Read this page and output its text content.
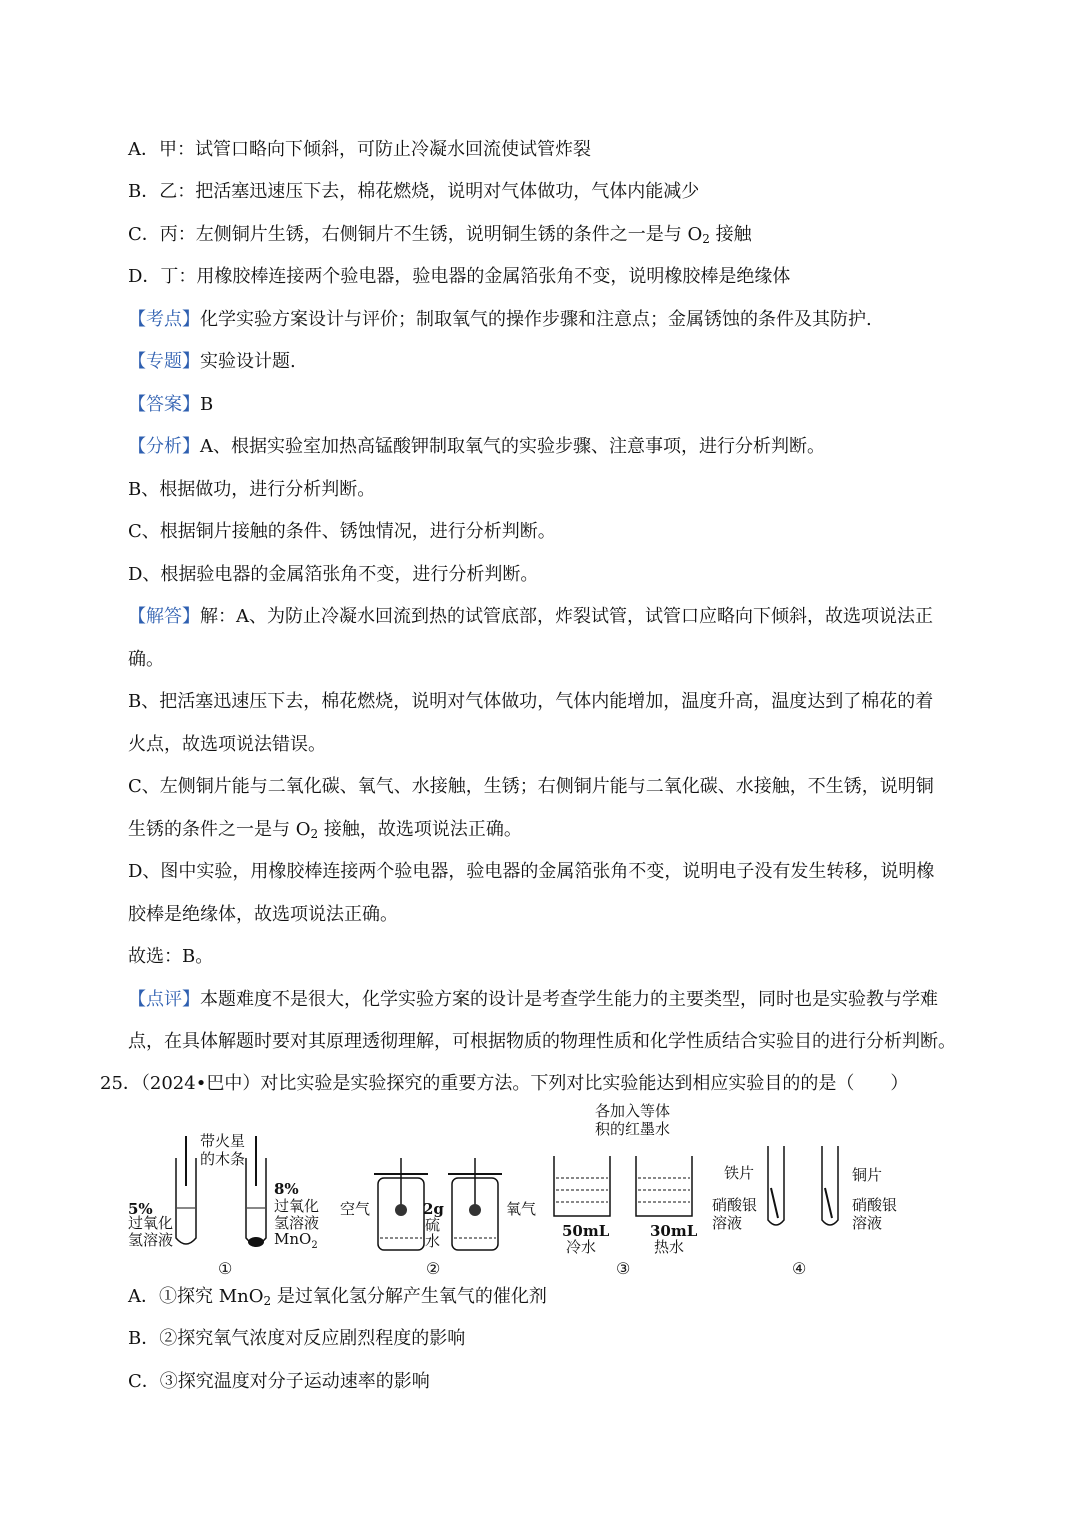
A．甲：试管口略向下倾斜，可防止冷凝水回流使试管炸裂
B．乙：把活塞迅速压下去，棉花燃烧，说明对气体做功，气体内能减少
C．丙：左侧铜片生锈，右侧铜片不生锈，说明铜生锈的条件之一是与 $O_2$ 接触
D．丁：用橡胶棒连接两个验电器，验电器的金属箔张角不变，说明橡胶棒是绝缘体
【考点】化学实验方案设计与评价；制取氧气的操作步骤和注意点；金属锈蚀的条件及其防护.
【专题】实验设计题.
【答案】B
【分析】A、根据实验室加热高锰酸钾制取氧气的实验步骤、注意事项，进行分析判断。
B、根据做功，进行分析判断。
C、根据铜片接触的条件、锈蚀情况，进行分析判断。
D、根据验电器的金属箔张角不变，进行分析判断。
【解答】解：A、为防止冷凝水回流到热的试管底部，炸裂试管，试管口应略向下倾斜，故选项说法正
确。
B、把活塞迅速压下去，棉花燃烧，说明对气体做功，气体内能增加，温度升高，温度达到了棉花的着
火点，故选项说法错误。
C、左侧铜片能与二氧化碳、氧气、水接触，生锈；右侧铜片能与二氧化碳、水接触，不生锈，说明铜
生锈的条件之一是与 $O_2$ 接触，故选项说法正确。
D、图中实验，用橡胶棒连接两个验电器，验电器的金属箔张角不变，说明电子没有发生转移，说明橡
胶棒是绝缘体，故选项说法正确。
故选：B。
【点评】本题难度不是很大，化学实验方案的设计是考查学生能力的主要类型，同时也是实验教与学难
点，在具体解题时要对其原理透彻理解，可根据物质的物理性质和化学性质结合实验目的进行分析判断。
25．（2024•巴中）对比实验是实验探究的重要方法。下列对比实验能达到相应实验目的的是（　　）
带火星
的木条
5%
过氧化
氢溶液
8%
过氧化
氢溶液
MnO$_2$
①
空气	氧气
2g
硫
水
②
各加入等体
积的红墨水
50mL
冷水
30mL
热水
③
铁片
硝酸银
溶液
铜片
硝酸银
溶液
④
A．①探究 MnO$_2$ 是过氧化氢分解产生氧气的催化剂
B．②探究氧气浓度对反应剧烈程度的影响
C．③探究温度对分子运动速率的影响
